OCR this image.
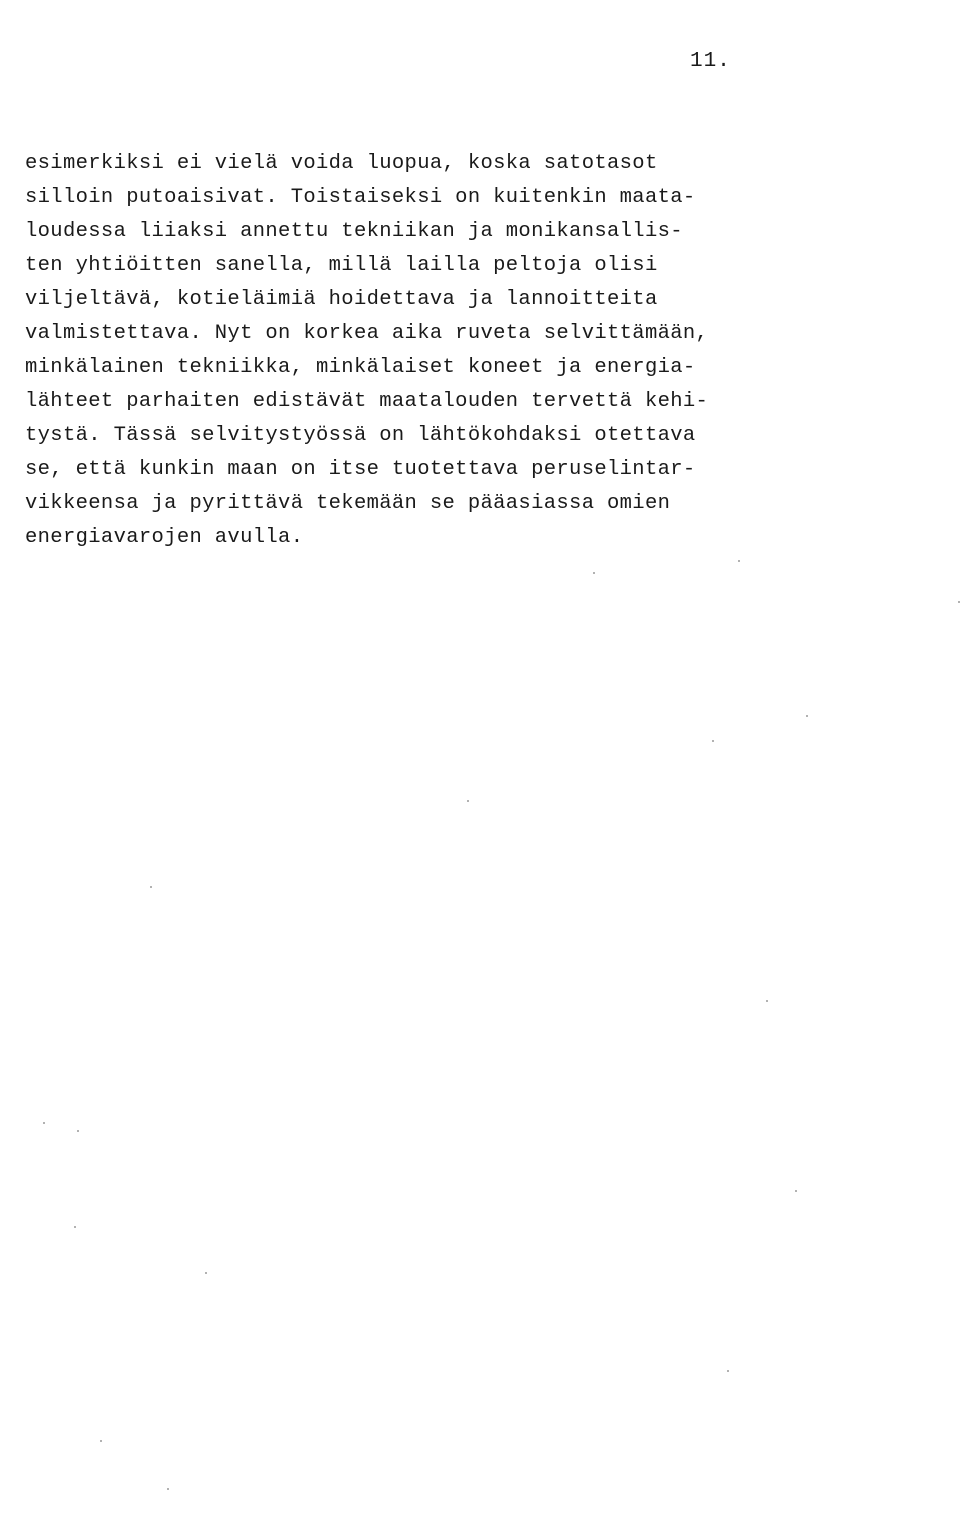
11.
esimerkiksi ei vielä voida luopua, koska satotasot
silloin putoaisivat. Toistaiseksi on kuitenkin maata-
loudessa liiaksi annettu tekniikan ja monikansallis-
ten yhtiöitten sanella, millä lailla peltoja olisi
viljeltävä, kotieläimiä hoidettava ja lannoitteita
valmistettava. Nyt on korkea aika ruveta selvittämään,
minkälainen tekniikka, minkälaiset koneet ja energia-
lähteet parhaiten edistävät maatalouden tervettä kehi-
tystä. Tässä selvitystyössä on lähtökohdaksi otettava
se, että kunkin maan on itse tuotettava peruselintar-
vikkeensa ja pyrittävä tekemään se pääasiassa omien
energiavarojen avulla.
